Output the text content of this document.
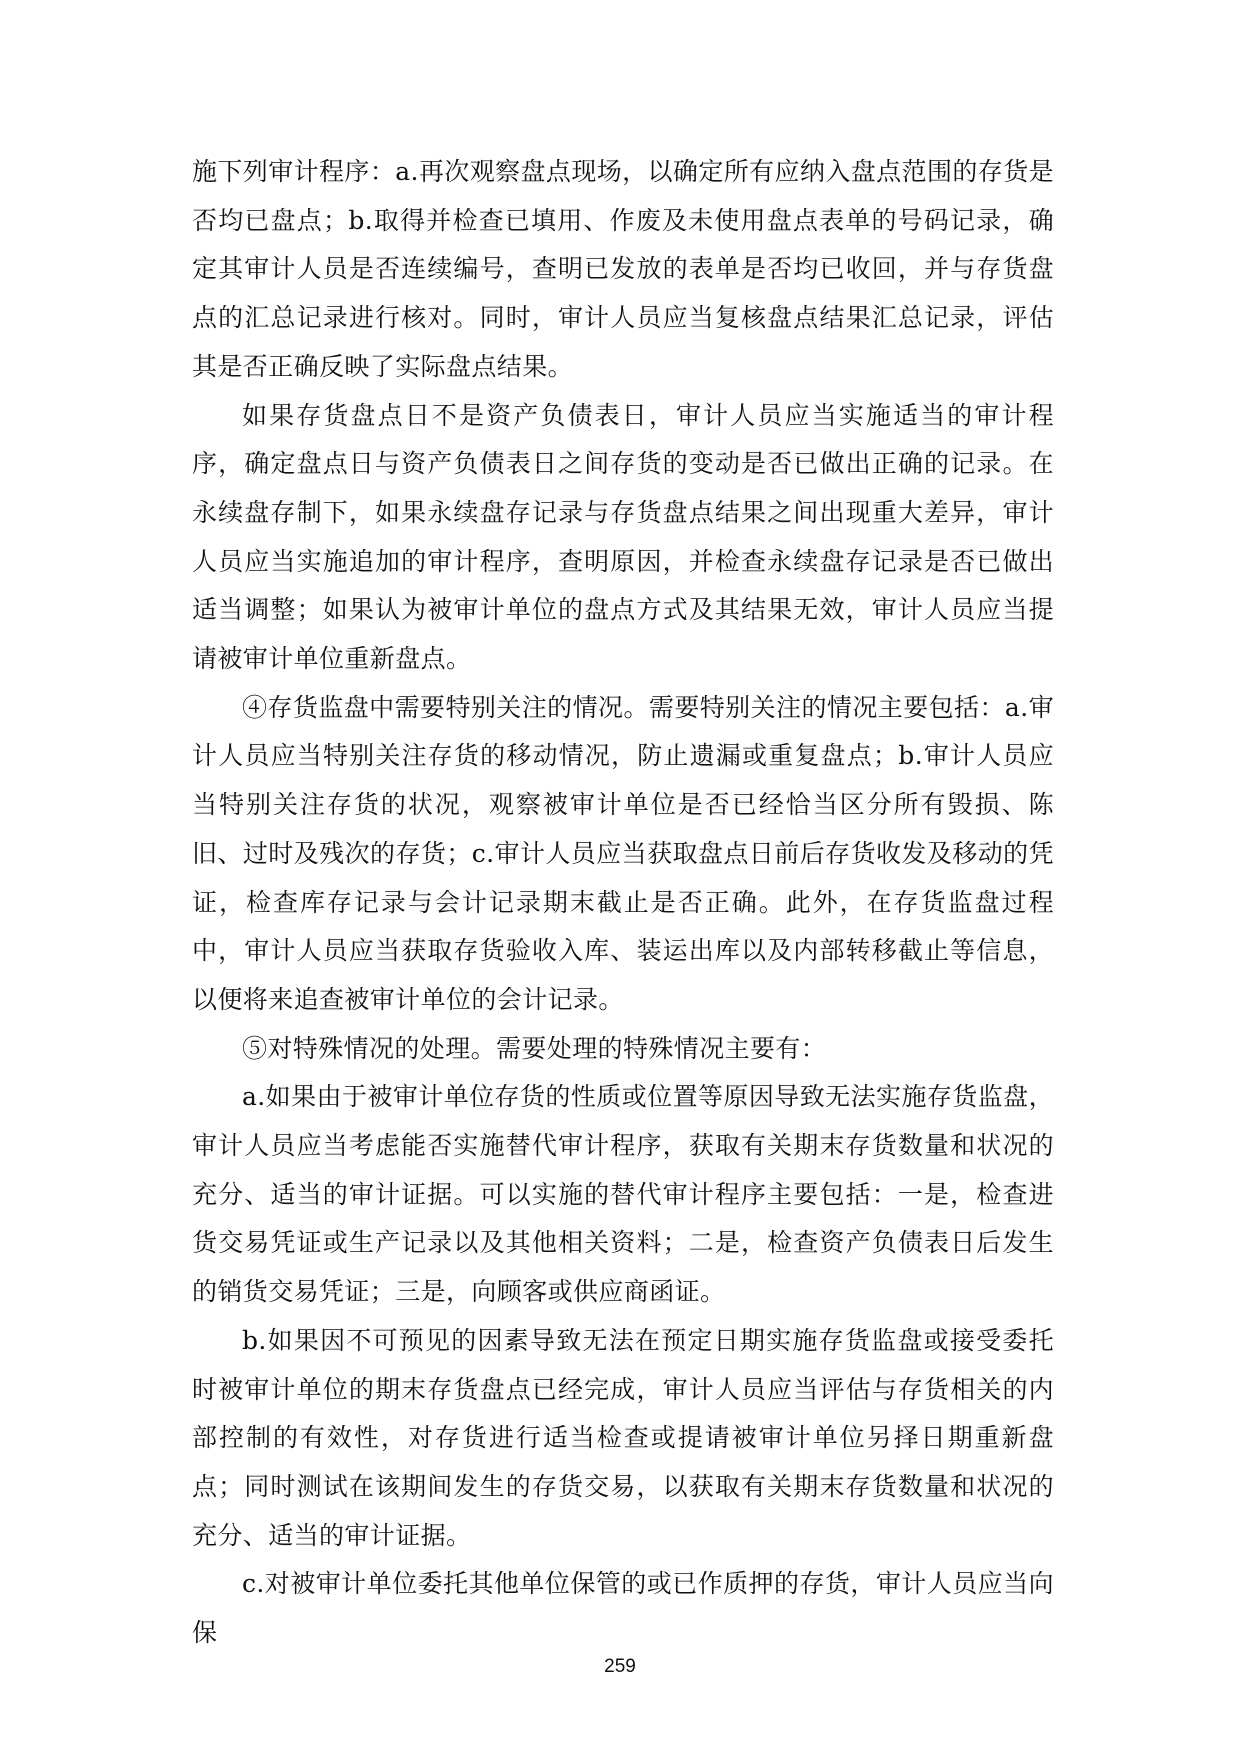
施下列审计程序：a.再次观察盘点现场，以确定所有应纳入盘点范围的存货是否均已盘点；b.取得并检查已填用、作废及未使用盘点表单的号码记录，确定其审计人员是否连续编号，查明已发放的表单是否均已收回，并与存货盘点的汇总记录进行核对。同时，审计人员应当复核盘点结果汇总记录，评估其是否正确反映了实际盘点结果。

如果存货盘点日不是资产负债表日，审计人员应当实施适当的审计程序，确定盘点日与资产负债表日之间存货的变动是否已做出正确的记录。在永续盘存制下，如果永续盘存记录与存货盘点结果之间出现重大差异，审计人员应当实施追加的审计程序，查明原因，并检查永续盘存记录是否已做出适当调整；如果认为被审计单位的盘点方式及其结果无效，审计人员应当提请被审计单位重新盘点。

④存货监盘中需要特别关注的情况。需要特别关注的情况主要包括：a.审计人员应当特别关注存货的移动情况，防止遗漏或重复盘点；b.审计人员应当特别关注存货的状况，观察被审计单位是否已经恰当区分所有毁损、陈旧、过时及残次的存货；c.审计人员应当获取盘点日前后存货收发及移动的凭证，检查库存记录与会计记录期末截止是否正确。此外，在存货监盘过程中，审计人员应当获取存货验收入库、装运出库以及内部转移截止等信息，以便将来追查被审计单位的会计记录。

⑤对特殊情况的处理。需要处理的特殊情况主要有：

a.如果由于被审计单位存货的性质或位置等原因导致无法实施存货监盘，审计人员应当考虑能否实施替代审计程序，获取有关期末存货数量和状况的充分、适当的审计证据。可以实施的替代审计程序主要包括：一是，检查进货交易凭证或生产记录以及其他相关资料；二是，检查资产负债表日后发生的销货交易凭证；三是，向顾客或供应商函证。

b.如果因不可预见的因素导致无法在预定日期实施存货监盘或接受委托时被审计单位的期末存货盘点已经完成，审计人员应当评估与存货相关的内部控制的有效性，对存货进行适当检查或提请被审计单位另择日期重新盘点；同时测试在该期间发生的存货交易，以获取有关期末存货数量和状况的充分、适当的审计证据。

c.对被审计单位委托其他单位保管的或已作质押的存货，审计人员应当向保

259
